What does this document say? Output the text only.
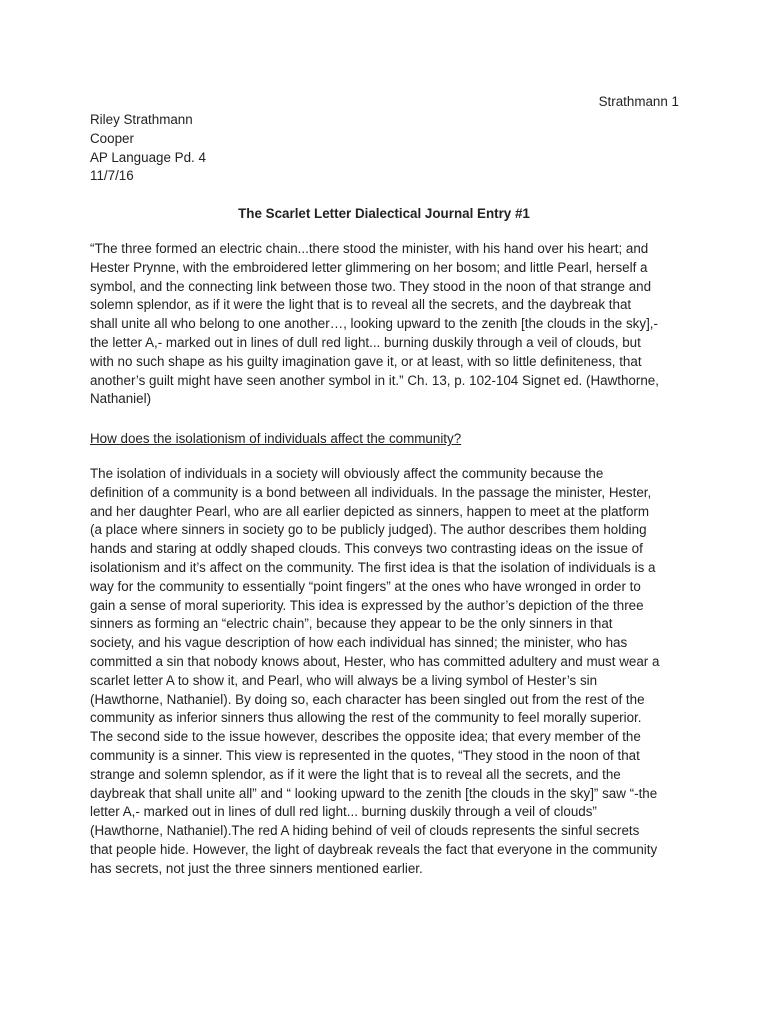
Strathmann 1
Riley Strathmann
Cooper
AP Language Pd. 4
11/7/16
The Scarlet Letter Dialectical Journal Entry #1
“The three formed an electric chain...there stood the minister, with his hand over his heart; and
Hester Prynne, with the embroidered letter glimmering on her bosom; and little Pearl, herself a
symbol, and the connecting link between those two. They stood in the noon of that strange and
solemn splendor, as if it were the light that is to reveal all the secrets, and the daybreak that
shall unite all who belong to one another…, looking upward to the zenith [the clouds in the sky],-
the letter A,- marked out in lines of dull red light... burning duskily through a veil of clouds, but
with no such shape as his guilty imagination gave it, or at least, with so little definiteness, that
another’s guilt might have seen another symbol in it.” Ch. 13, p. 102-104 Signet ed. (Hawthorne,
Nathaniel)
How does the isolationism of individuals affect the community?
The isolation of individuals in a society will obviously affect the community because the
definition of a community is a bond between all individuals. In the passage the minister, Hester,
and her daughter Pearl, who are all earlier depicted as sinners, happen to meet at the platform
(a place where sinners in society go to be publicly judged). The author describes them holding
hands and staring at oddly shaped clouds. This conveys two contrasting ideas on the issue of
isolationism and it’s affect on the community. The first idea is that the isolation of individuals is a
way for the community to essentially “point fingers” at the ones who have wronged in order to
gain a sense of moral superiority. This idea is expressed by the author’s depiction of the three
sinners as forming an “electric chain”, because they appear to be the only sinners in that
society, and his vague description of how each individual has sinned; the minister, who has
committed a sin that nobody knows about, Hester, who has committed adultery and must wear a
scarlet letter A to show it, and Pearl, who will always be a living symbol of Hester’s sin
(Hawthorne, Nathaniel). By doing so, each character has been singled out from the rest of the
community as inferior sinners thus allowing the rest of the community to feel morally superior.
The second side to the issue however, describes the opposite idea; that every member of the
community is a sinner. This view is represented in the quotes, “They stood in the noon of that
strange and solemn splendor, as if it were the light that is to reveal all the secrets, and the
daybreak that shall unite all” and “ looking upward to the zenith [the clouds in the sky]” saw “-the
letter A,- marked out in lines of dull red light... burning duskily through a veil of clouds”
(Hawthorne, Nathaniel).The red A hiding behind of veil of clouds represents the sinful secrets
that people hide. However, the light of daybreak reveals the fact that everyone in the community
has secrets, not just the three sinners mentioned earlier.
